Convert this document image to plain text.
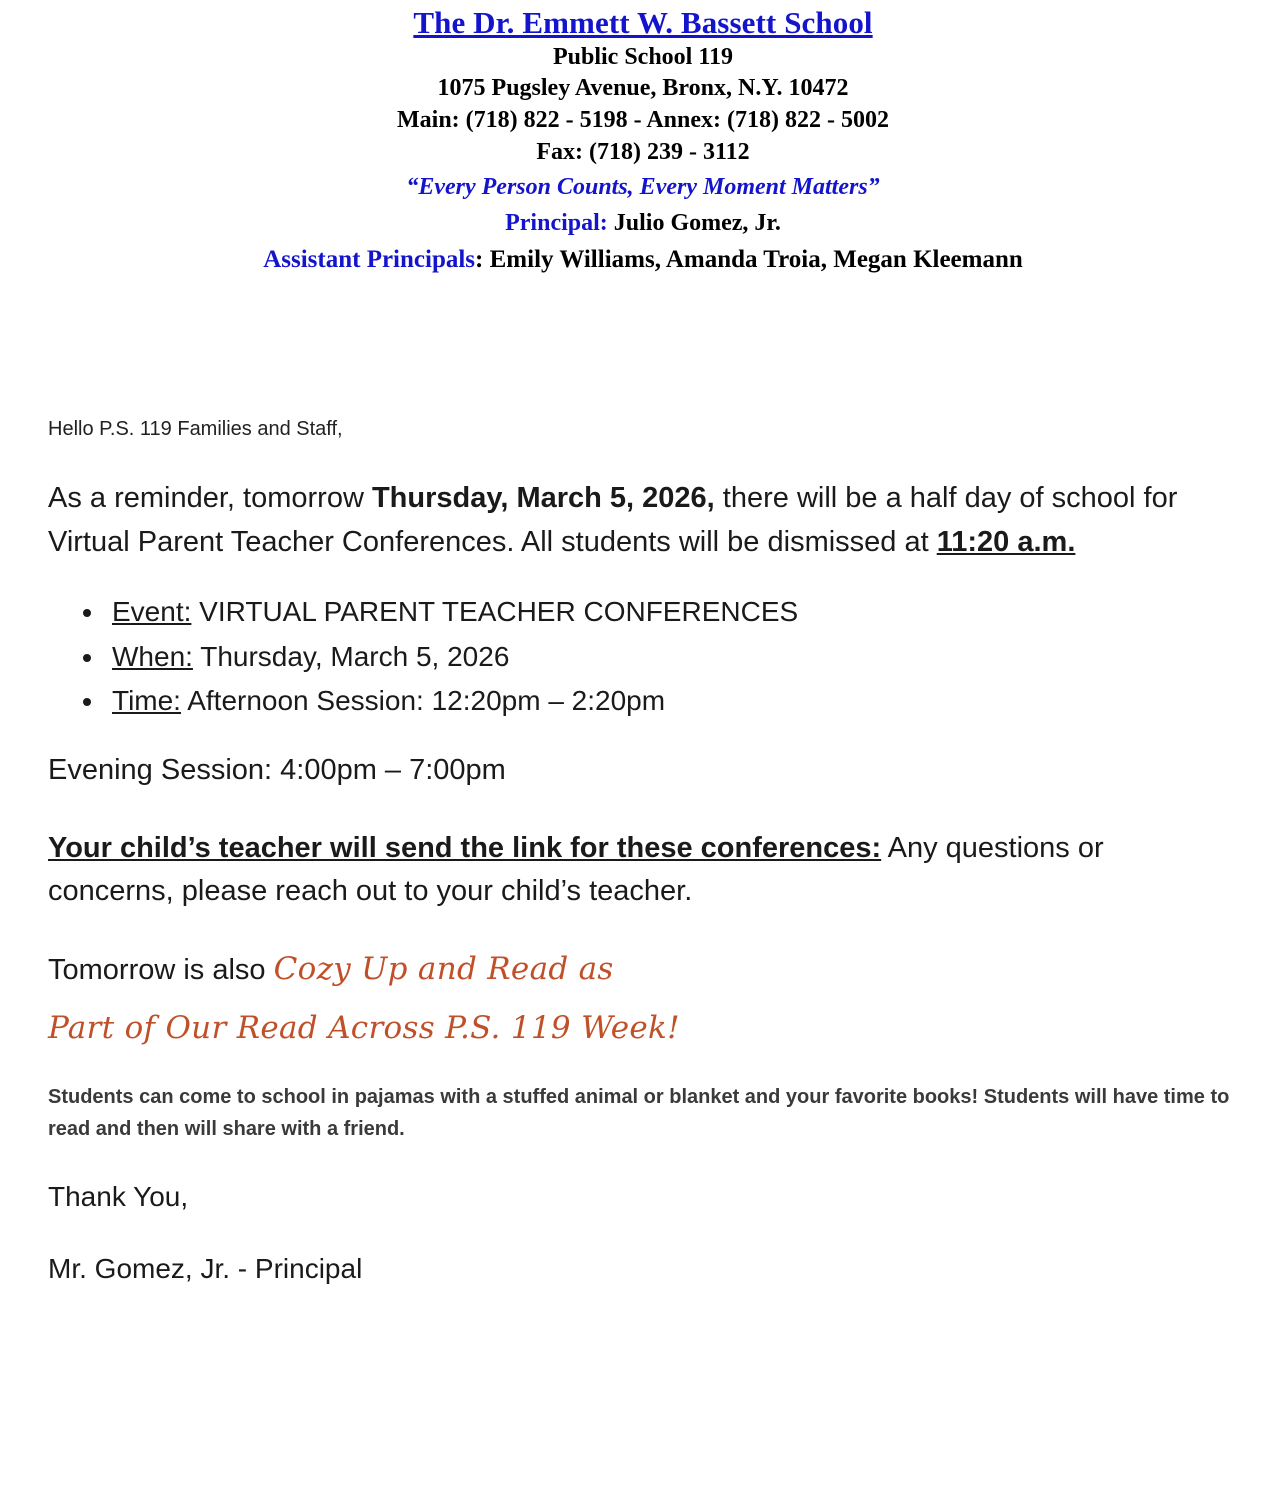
The Dr. Emmett W. Bassett School
Public School 119
1075 Pugsley Avenue, Bronx, N.Y. 10472
Main: (718) 822 - 5198 - Annex: (718) 822 - 5002
Fax: (718) 239 - 3112
“Every Person Counts, Every Moment Matters”
Principal: Julio Gomez, Jr.
Assistant Principals: Emily Williams, Amanda Troia, Megan Kleemann

Hello P.S. 119 Families and Staff,

As a reminder, tomorrow Thursday, March 5, 2026, there will be a half day of school for Virtual Parent Teacher Conferences. All students will be dismissed at 11:20 a.m.

• Event: VIRTUAL PARENT TEACHER CONFERENCES
• When: Thursday, March 5, 2026
• Time: Afternoon Session: 12:20pm – 2:20pm

Evening Session: 4:00pm – 7:00pm

Your child’s teacher will send the link for these conferences: Any questions or concerns, please reach out to your child’s teacher.

Tomorrow is also Cozy Up and Read as

Part of Our Read Across P.S. 119 Week!

Students can come to school in pajamas with a stuffed animal or blanket and your favorite books! Students will have time to read and then will share with a friend.

Thank You,

Mr. Gomez, Jr. - Principal
